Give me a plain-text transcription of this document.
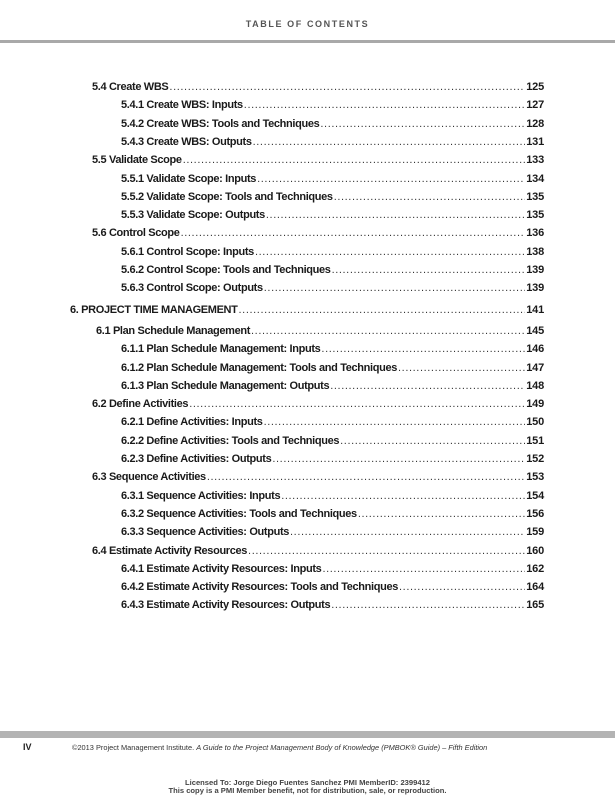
TABLE OF CONTENTS
5.4 Create WBS .....	125
5.4.1 Create WBS: Inputs .....	127
5.4.2 Create WBS: Tools and Techniques .....	128
5.4.3 Create WBS: Outputs .....	131
5.5 Validate Scope .....	133
5.5.1 Validate Scope: Inputs .....	134
5.5.2 Validate Scope: Tools and Techniques .....	135
5.5.3 Validate Scope: Outputs .....	135
5.6 Control Scope .....	136
5.6.1 Control Scope: Inputs .....	138
5.6.2 Control Scope: Tools and Techniques .....	139
5.6.3 Control Scope: Outputs .....	139
6. PROJECT TIME MANAGEMENT .....	141
6.1 Plan Schedule Management .....	145
6.1.1 Plan Schedule Management: Inputs .....	146
6.1.2 Plan Schedule Management: Tools and Techniques .....	147
6.1.3 Plan Schedule Management: Outputs .....	148
6.2 Define Activities .....	149
6.2.1 Define Activities: Inputs .....	150
6.2.2 Define Activities: Tools and Techniques .....	151
6.2.3 Define Activities: Outputs .....	152
6.3 Sequence Activities .....	153
6.3.1 Sequence Activities: Inputs .....	154
6.3.2 Sequence Activities: Tools and Techniques .....	156
6.3.3 Sequence Activities: Outputs .....	159
6.4 Estimate Activity Resources .....	160
6.4.1 Estimate Activity Resources: Inputs .....	162
6.4.2 Estimate Activity Resources: Tools and Techniques .....	164
6.4.3 Estimate Activity Resources: Outputs .....	165
IV	©2013 Project Management Institute. A Guide to the Project Management Body of Knowledge (PMBOK® Guide) – Fifth Edition
Licensed To: Jorge Diego Fuentes Sanchez PMI MemberID: 2399412
This copy is a PMI Member benefit, not for distribution, sale, or reproduction.
